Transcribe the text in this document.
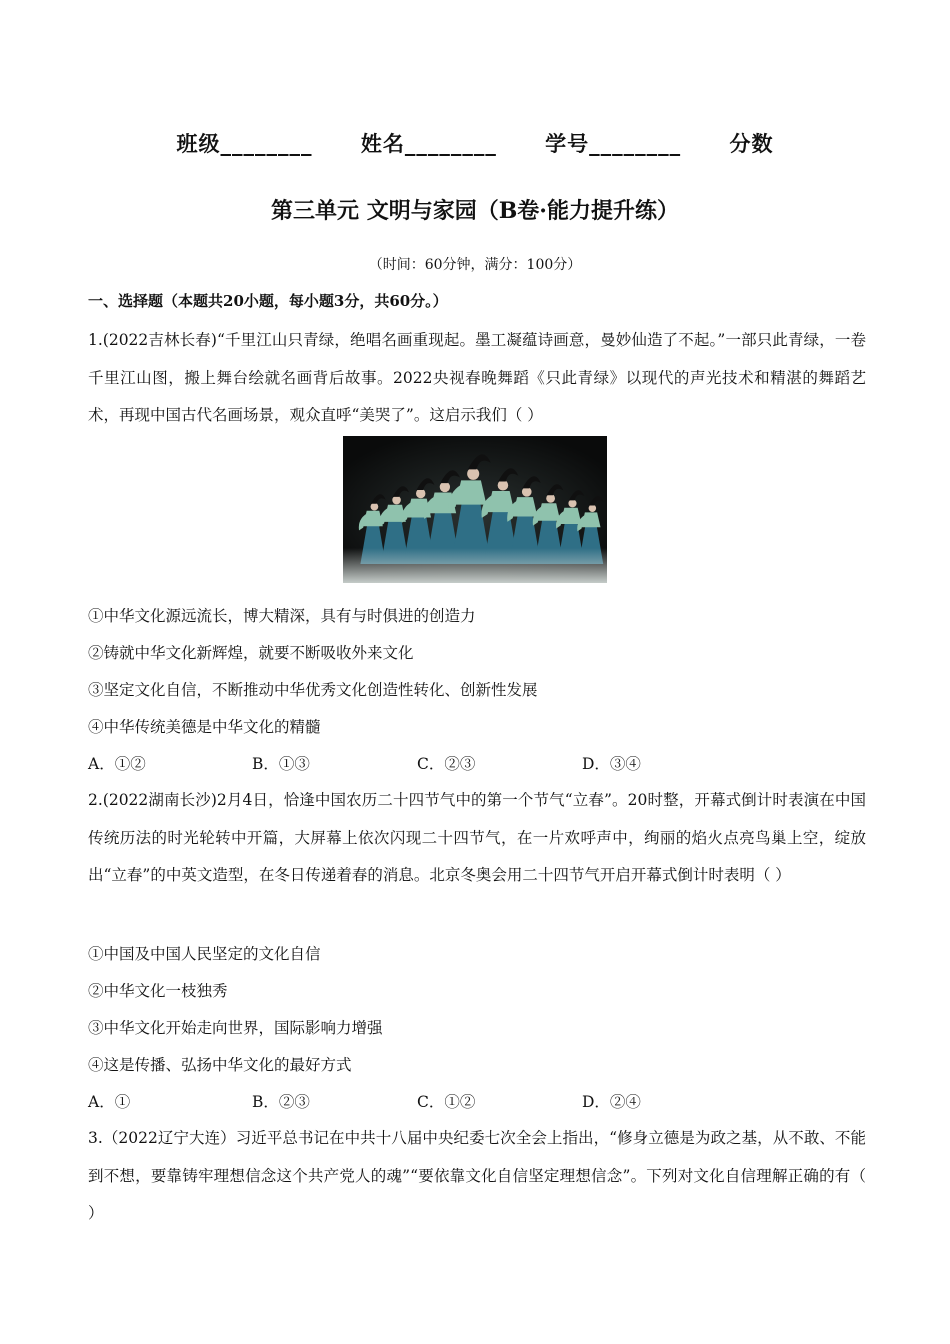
班级________ 姓名________ 学号________ 分数
第三单元 文明与家园（B卷·能力提升练）
（时间：60分钟，满分：100分）
一、选择题（本题共20小题，每小题3分，共60分。）

1.(2022吉林长春)“千里江山只青绿，绝唱名画重现起。墨工凝蕴诗画意，曼妙仙造了不起。”一部只此青绿，一卷千里江山图，搬上舞台绘就名画背后故事。2022央视春晚舞蹈《只此青绿》以现代的声光技术和精湛的舞蹈艺术，再现中国古代名画场景，观众直呼“美哭了”。这启示我们（ ）

①中华文化源远流长，博大精深，具有与时俱进的创造力
②铸就中华文化新辉煌，就要不断吸收外来文化
③坚定文化自信，不断推动中华优秀文化创造性转化、创新性发展
④中华传统美德是中华文化的精髓
A．①②	B．①③	C．②③	D．③④

2.(2022湖南长沙)2月4日，恰逢中国农历二十四节气中的第一个节气“立春”。20时整，开幕式倒计时表演在中国传统历法的时光轮转中开篇，大屏幕上依次闪现二十四节气，在一片欢呼声中，绚丽的焰火点亮鸟巢上空，绽放出“立春”的中英文造型，在冬日传递着春的消息。北京冬奥会用二十四节气开启开幕式倒计时表明（ ）

①中国及中国人民坚定的文化自信
②中华文化一枝独秀
③中华文化开始走向世界，国际影响力增强
④这是传播、弘扬中华文化的最好方式
A．①	B．②③	C．①②	D．②④

3.（2022辽宁大连）习近平总书记在中共十八届中央纪委七次全会上指出，“修身立德是为政之基，从不敢、不能到不想，要靠铸牢理想信念这个共产党人的魂”“要依靠文化自信坚定理想信念”。下列对文化自信理解正确的有（ ）
